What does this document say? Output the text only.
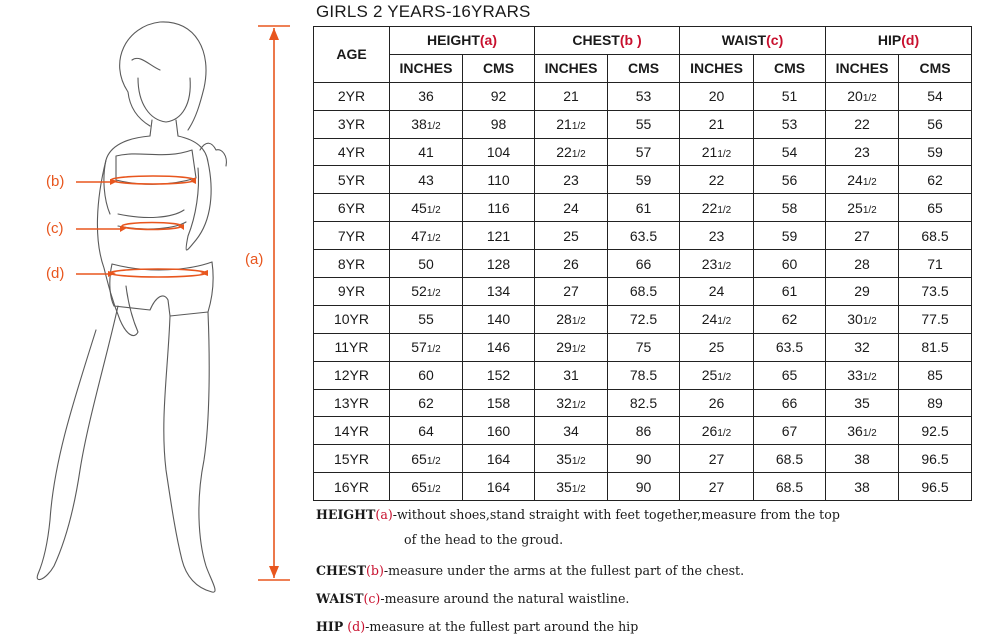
(b)
(c)
(d)
(a)
GIRLS 2 YEARS-16YRARS
AGE	HEIGHT(a)		CHEST(b )		WAIST(c)		HIP(d)	
	INCHES	CMS	INCHES	CMS	INCHES	CMS	INCHES	CMS
2YR	36	92	21	53	20	51	201/2	54
3YR	381/2	98	211/2	55	21	53	22	56
4YR	41	104	221/2	57	211/2	54	23	59
5YR	43	110	23	59	22	56	241/2	62
6YR	451/2	116	24	61	221/2	58	251/2	65
7YR	471/2	121	25	63.5	23	59	27	68.5
8YR	50	128	26	66	231/2	60	28	71
9YR	521/2	134	27	68.5	24	61	29	73.5
10YR	55	140	281/2	72.5	241/2	62	301/2	77.5
11YR	571/2	146	291/2	75	25	63.5	32	81.5
12YR	60	152	31	78.5	251/2	65	331/2	85
13YR	62	158	321/2	82.5	26	66	35	89
14YR	64	160	34	86	261/2	67	361/2	92.5
15YR	651/2	164	351/2	90	27	68.5	38	96.5
16YR	651/2	164	351/2	90	27	68.5	38	96.5
HEIGHT(a)-without shoes,stand straight with feet together,measure from the top
of the head to the groud.
CHEST(b)-measure under the arms at the fullest part of the chest.
WAIST(c)-measure around the natural waistline.
HIP (d)-measure at the fullest part around the hip
